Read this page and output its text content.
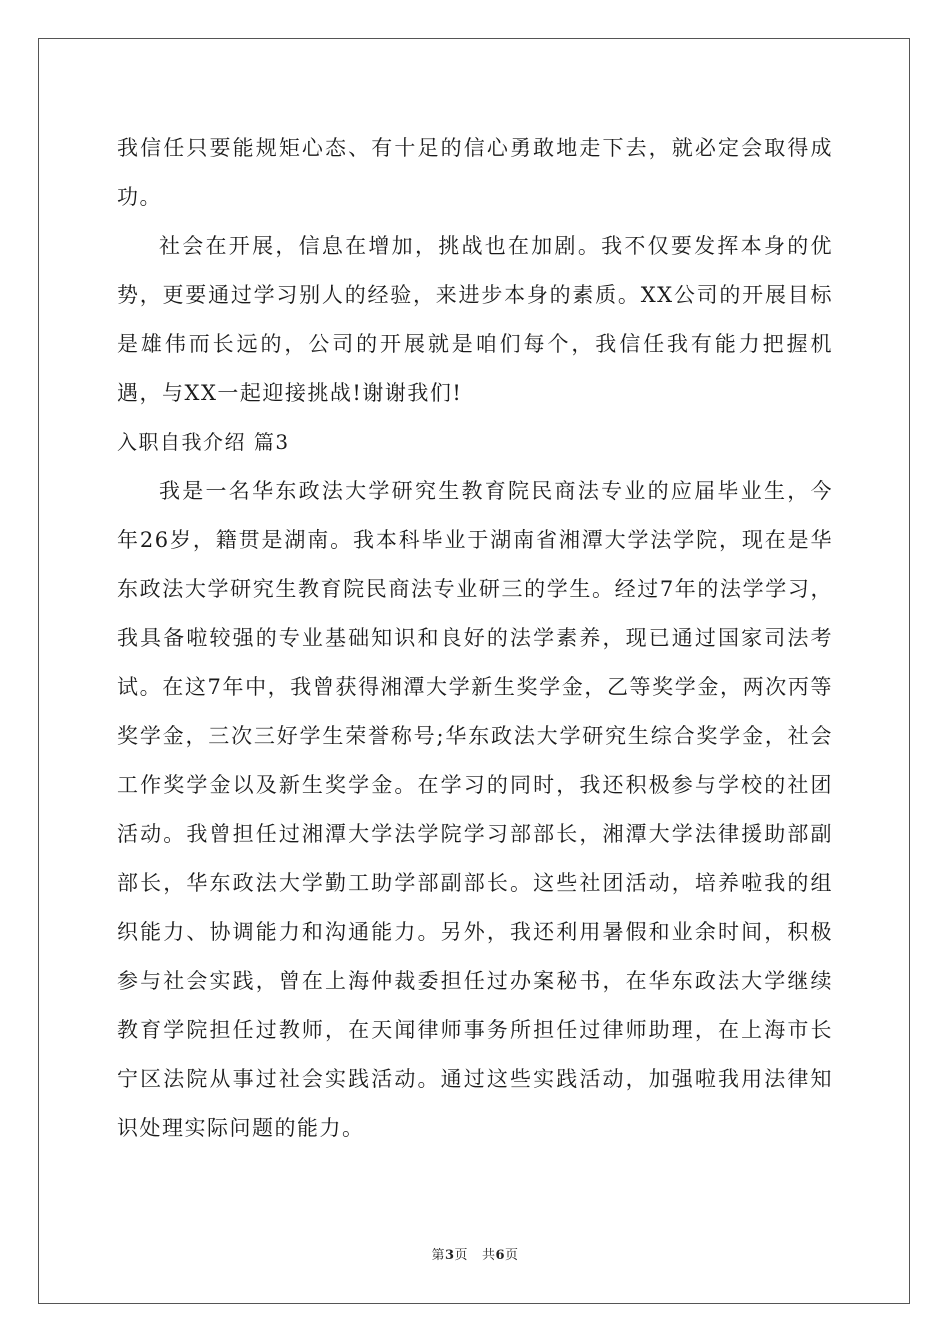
我信任只要能规矩心态、有十足的信心勇敢地走下去，就必定会取得成功。

社会在开展，信息在增加，挑战也在加剧。我不仅要发挥本身的优势，更要通过学习别人的经验，来进步本身的素质。XX公司的开展目标是雄伟而长远的，公司的开展就是咱们每个，我信任我有能力把握机遇，与XX一起迎接挑战!谢谢我们!

入职自我介绍 篇3

我是一名华东政法大学研究生教育院民商法专业的应届毕业生，今年26岁，籍贯是湖南。我本科毕业于湖南省湘潭大学法学院，现在是华东政法大学研究生教育院民商法专业研三的学生。经过7年的法学学习，我具备啦较强的专业基础知识和良好的法学素养，现已通过国家司法考试。在这7年中，我曾获得湘潭大学新生奖学金，乙等奖学金，两次丙等奖学金，三次三好学生荣誉称号;华东政法大学研究生综合奖学金，社会工作奖学金以及新生奖学金。在学习的同时，我还积极参与学校的社团活动。我曾担任过湘潭大学法学院学习部部长，湘潭大学法律援助部副部长，华东政法大学勤工助学部副部长。这些社团活动，培养啦我的组织能力、协调能力和沟通能力。另外，我还利用暑假和业余时间，积极参与社会实践，曾在上海仲裁委担任过办案秘书，在华东政法大学继续教育学院担任过教师，在天闻律师事务所担任过律师助理，在上海市长宁区法院从事过社会实践活动。通过这些实践活动，加强啦我用法律知识处理实际问题的能力。

第3页 共6页
